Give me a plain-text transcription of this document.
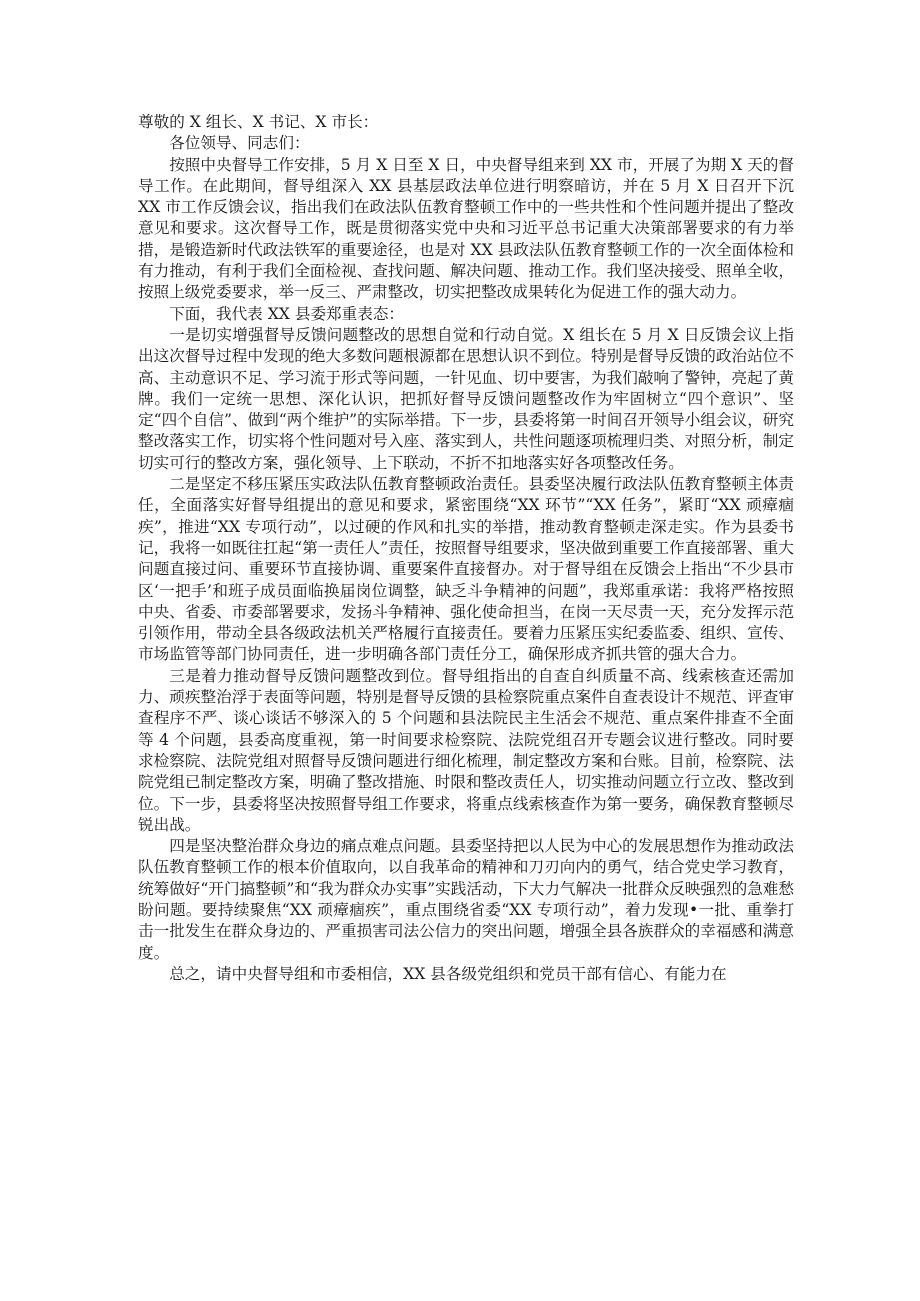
尊敬的 X 组长、X 书记、X 市长：

各位领导、同志们：

按照中央督导工作安排，5 月 X 日至 X 日，中央督导组来到 XX 市，开展了为期 X 天的督导工作。在此期间，督导组深入 XX 县基层政法单位进行明察暗访，并在 5 月 X 日召开下沉 XX 市工作反馈会议，指出我们在政法队伍教育整顿工作中的一些共性和个性问题并提出了整改意见和要求。这次督导工作，既是贯彻落实党中央和习近平总书记重大决策部署要求的有力举措，是锻造新时代政法铁军的重要途径，也是对 XX 县政法队伍教育整顿工作的一次全面体检和有力推动，有利于我们全面检视、查找问题、解决问题、推动工作。我们坚决接受、照单全收，按照上级党委要求，举一反三、严肃整改，切实把整改成果转化为促进工作的强大动力。

下面，我代表 XX 县委郑重表态：

一是切实增强督导反馈问题整改的思想自觉和行动自觉。X 组长在 5 月 X 日反馈会议上指出这次督导过程中发现的绝大多数问题根源都在思想认识不到位。特别是督导反馈的政治站位不高、主动意识不足、学习流于形式等问题，一针见血、切中要害，为我们敲响了警钟，亮起了黄牌。我们一定统一思想、深化认识，把抓好督导反馈问题整改作为牢固树立“四个意识”、坚定“四个自信”、做到“两个维护”的实际举措。下一步，县委将第一时间召开领导小组会议，研究整改落实工作，切实将个性问题对号入座、落实到人，共性问题逐项梳理归类、对照分析，制定切实可行的整改方案，强化领导、上下联动，不折不扣地落实好各项整改任务。

二是坚定不移压紧压实政法队伍教育整顿政治责任。县委坚决履行政法队伍教育整顿主体责任，全面落实好督导组提出的意见和要求，紧密围绕“XX 环节”“XX 任务”，紧盯“XX 顽瘴痼疾”，推进“XX 专项行动”，以过硬的作风和扎实的举措，推动教育整顿走深走实。作为县委书记，我将一如既往扛起“第一责任人”责任，按照督导组要求，坚决做到重要工作直接部署、重大问题直接过问、重要环节直接协调、重要案件直接督办。对于督导组在反馈会上指出“不少县市区‘一把手’和班子成员面临换届岗位调整，缺乏斗争精神的问题”，我郑重承诺：我将严格按照中央、省委、市委部署要求，发扬斗争精神、强化使命担当，在岗一天尽责一天，充分发挥示范引领作用，带动全县各级政法机关严格履行直接责任。要着力压紧压实纪委监委、组织、宣传、市场监管等部门协同责任，进一步明确各部门责任分工，确保形成齐抓共管的强大合力。

三是着力推动督导反馈问题整改到位。督导组指出的自查自纠质量不高、线索核查还需加力、顽疾整治浮于表面等问题，特别是督导反馈的县检察院重点案件自查表设计不规范、评查审查程序不严、谈心谈话不够深入的 5 个问题和县法院民主生活会不规范、重点案件排查不全面等 4 个问题，县委高度重视，第一时间要求检察院、法院党组召开专题会议进行整改。同时要求检察院、法院党组对照督导反馈问题进行细化梳理，制定整改方案和台账。目前，检察院、法院党组已制定整改方案，明确了整改措施、时限和整改责任人，切实推动问题立行立改、整改到位。下一步，县委将坚决按照督导组工作要求，将重点线索核查作为第一要务，确保教育整顿尽锐出战。

四是坚决整治群众身边的痛点难点问题。县委坚持把以人民为中心的发展思想作为推动政法队伍教育整顿工作的根本价值取向，以自我革命的精神和刀刃向内的勇气，结合党史学习教育，统筹做好“开门搞整顿”和“我为群众办实事”实践活动，下大力气解决一批群众反映强烈的急难愁盼问题。要持续聚焦“XX 顽瘴痼疾”，重点围绕省委“XX 专项行动”，着力发现•一批、重拳打击一批发生在群众身边的、严重损害司法公信力的突出问题，增强全县各族群众的幸福感和满意度。

总之，请中央督导组和市委相信，XX 县各级党组织和党员干部有信心、有能力在
